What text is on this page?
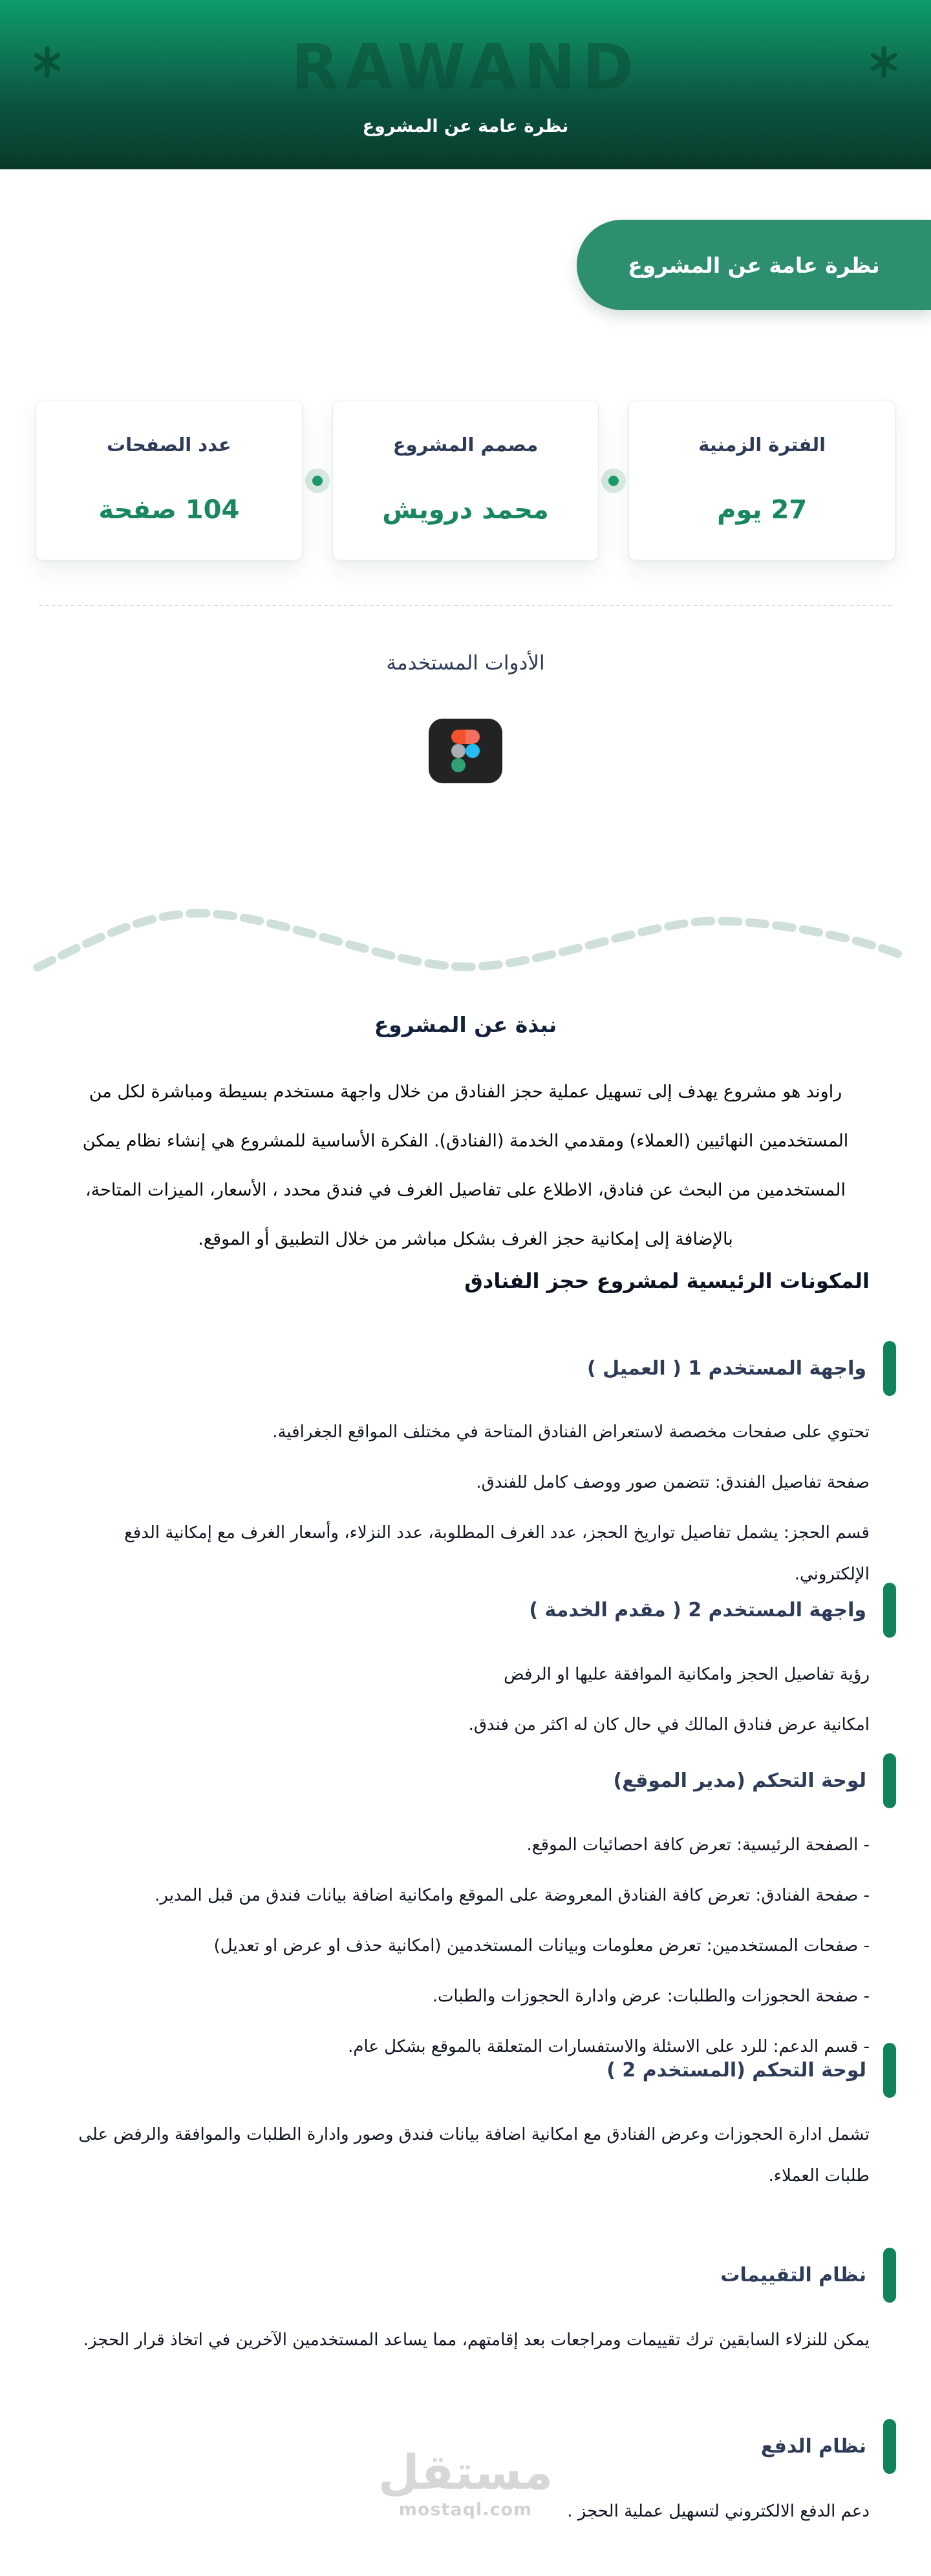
RAWAND
نظرة عامة عن المشروع
نظرة عامة عن المشروع
الفترة الزمنية
27 يوم
مصمم المشروع
محمد درويش
عدد الصفحات
104 صفحة
الأدوات المستخدمة
نبذة عن المشروع

راوند هو مشروع يهدف إلى تسهيل عملية حجز الفنادق من خلال واجهة مستخدم بسيطة ومباشرة لكل من المستخدمين النهائيين (العملاء) ومقدمي الخدمة (الفنادق). الفكرة الأساسية للمشروع هي إنشاء نظام يمكن المستخدمين من البحث عن فنادق، الاطلاع على تفاصيل الغرف في فندق محدد ، الأسعار، الميزات المتاحة، بالإضافة إلى إمكانية حجز الغرف بشكل مباشر من خلال التطبيق أو الموقع.

المكونات الرئيسية لمشروع حجز الفنادق
واجهة المستخدم 1 ( العميل )

تحتوي على صفحات مخصصة لاستعراض الفنادق المتاحة في مختلف المواقع الجغرافية.

صفحة تفاصيل الفندق: تتضمن صور ووصف كامل للفندق.

قسم الحجز: يشمل تفاصيل تواريخ الحجز، عدد الغرف المطلوبة، عدد النزلاء، وأسعار الغرف مع إمكانية الدفع الإلكتروني.

واجهة المستخدم 2 ( مقدم الخدمة )

رؤية تفاصيل الحجز وامكانية الموافقة عليها او الرفض

امكانية عرض فنادق المالك في حال كان له اكثر من فندق.

لوحة التحكم (مدير الموقع)

- الصفحة الرئيسية: تعرض كافة احصائيات الموقع.

- صفحة الفنادق: تعرض كافة الفنادق المعروضة على الموقع وامكانية اضافة بيانات فندق من قبل المدير.

- صفحات المستخدمين: تعرض معلومات وبيانات المستخدمين (امكانية حذف او عرض او تعديل)

- صفحة الحجوزات والطلبات: عرض وادارة الحجوزات والطبات.

- قسم الدعم: للرد على الاسئلة والاستفسارات المتعلقة بالموقع بشكل عام.

لوحة التحكم (المستخدم 2 )

تشمل ادارة الحجوزات وعرض الفنادق مع امكانية اضافة بيانات فندق وصور وادارة الطلبات والموافقة والرفض على طلبات العملاء.

نظام التقييمات

يمكن للنزلاء السابقين ترك تقييمات ومراجعات بعد إقامتهم، مما يساعد المستخدمين الآخرين في اتخاذ قرار الحجز.

نظام الدفع

دعم الدفع الالكتروني لتسهيل عملية الحجز .

مستقل
mostaql.com
